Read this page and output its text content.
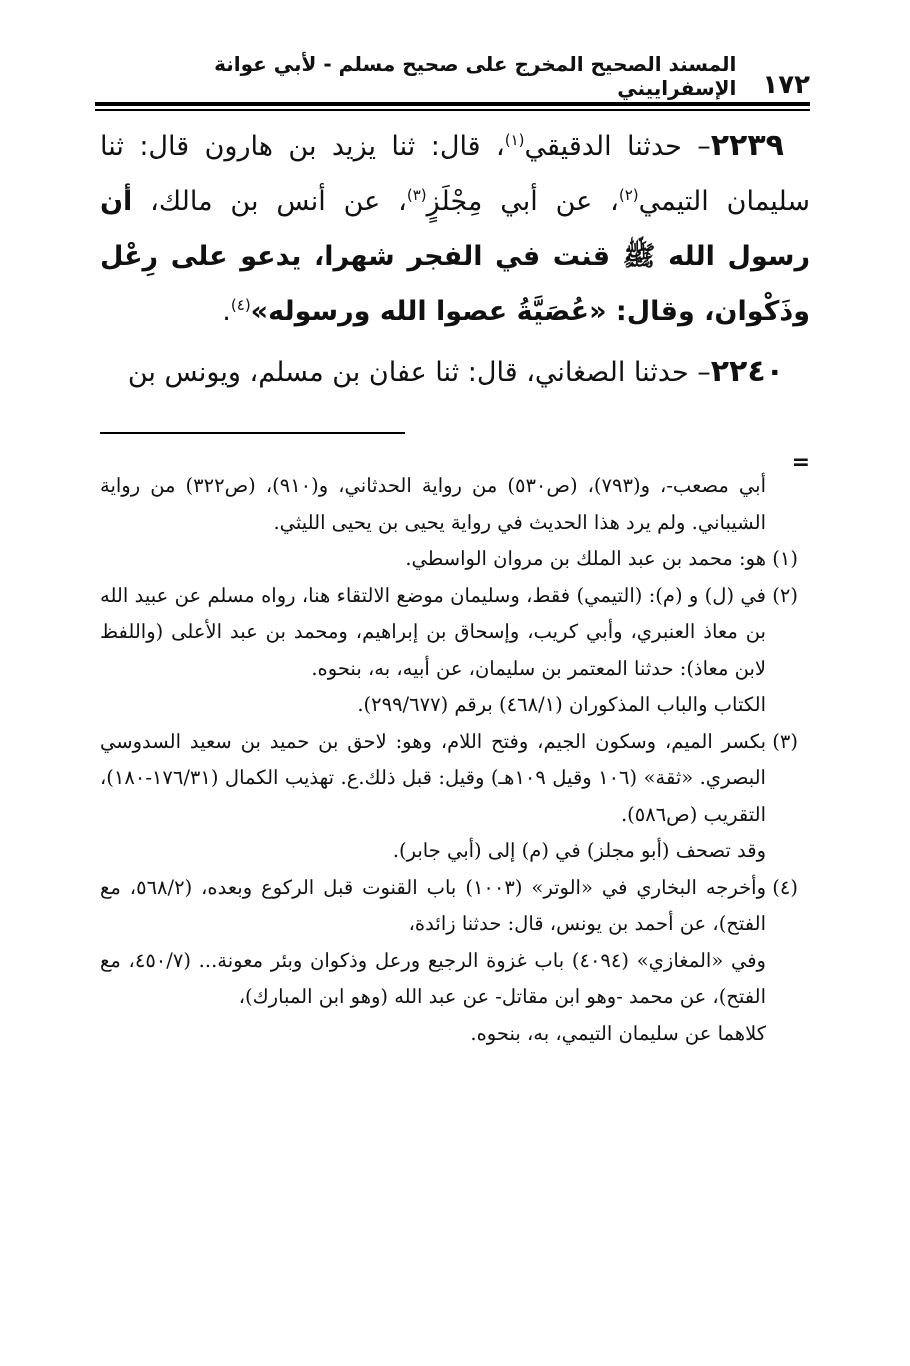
١٧٢
المسند الصحيح المخرج على صحيح مسلم - لأبي عوانة الإسفراييني

٢٢٣٩– حدثنا الدقيقي$^{(١)}$، قال: ثنا يزيد بن هارون قال: ثنا سليمان التيمي$^{(٢)}$، عن أبي مِجْلَزٍ$^{(٣)}$، عن أنس بن مالك، أن رسول الله ﷺ قنت في الفجر شهرا، يدعو على رِعْل وذَكْوان، وقال: «عُصَيَّةُ عصوا الله ورسوله»$^{(٤)}$.

٢٢٤٠– حدثنا الصغاني، قال: ثنا عفان بن مسلم، ويونس بن

=

أبي مصعب-، و(٧٩٣)، (ص٥٣٠) من رواية الحدثاني، و(٩١٠)، (ص٣٢٢) من رواية الشيباني. ولم يرد هذا الحديث في رواية يحيى بن يحيى الليثي.

(١)
هو: محمد بن عبد الملك بن مروان الواسطي.
(٢)
في (ل) و (م): (التيمي) فقط، وسليمان موضع الالتقاء هنا، رواه مسلم عن عبيد الله بن معاذ العنبري، وأبي كريب، وإسحاق بن إبراهيم، ومحمد بن عبد الأعلى (واللفظ لابن معاذ): حدثنا المعتمر بن سليمان، عن أبيه، به، بنحوه.

الكتاب والباب المذكوران (٤٦٨/١) برقم (٢٩٩/٦٧٧).

(٣)
بكسر الميم، وسكون الجيم، وفتح اللام، وهو: لاحق بن حميد بن سعيد السدوسي البصري. «ثقة» (١٠٦ وقيل ١٠٩هـ) وقيل: قبل ذلك.ع. تهذيب الكمال (١٧٦/٣١-١٨٠)، التقريب (ص٥٨٦).

وقد تصحف (أبو مجلز) في (م) إلى (أبي جابر).

(٤)
وأخرجه البخاري في «الوتر» (١٠٠٣) باب القنوت قبل الركوع وبعده، (٥٦٨/٢، مع الفتح)، عن أحمد بن يونس، قال: حدثنا زائدة،

وفي «المغازي» (٤٠٩٤) باب غزوة الرجيع ورعل وذكوان وبئر معونة... (٤٥٠/٧، مع الفتح)، عن محمد -وهو ابن مقاتل- عن عبد الله (وهو ابن المبارك)،

كلاهما عن سليمان التيمي، به، بنحوه.
